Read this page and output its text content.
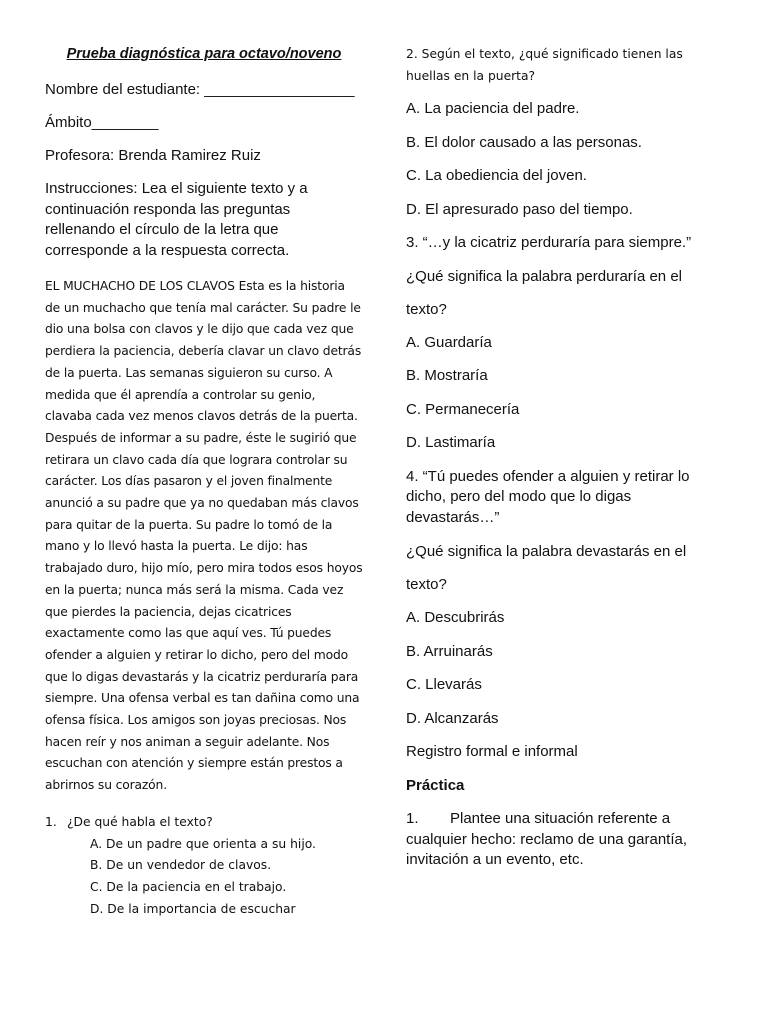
Prueba diagnóstica para octavo/noveno
Nombre del estudiante: __________________
Ámbito________
Profesora: Brenda Ramirez Ruiz
Instrucciones: Lea el siguiente texto y a continuación responda las preguntas rellenando el círculo de la letra que corresponde a la respuesta correcta.
EL MUCHACHO DE LOS CLAVOS Esta es la historia de un muchacho que tenía mal carácter. Su padre le dio una bolsa con clavos y le dijo que cada vez que perdiera la paciencia, debería clavar un clavo detrás de la puerta. Las semanas siguieron su curso. A medida que él aprendía a controlar su genio, clavaba cada vez menos clavos detrás de la puerta. Después de informar a su padre, éste le sugirió que retirara un clavo cada día que lograra controlar su carácter. Los días pasaron y el joven finalmente anunció a su padre que ya no quedaban más clavos para quitar de la puerta. Su padre lo tomó de la mano y lo llevó hasta la puerta. Le dijo: has trabajado duro, hijo mío, pero mira todos esos hoyos en la puerta; nunca más será la misma. Cada vez que pierdes la paciencia, dejas cicatrices exactamente como las que aquí ves. Tú puedes ofender a alguien y retirar lo dicho, pero del modo que lo digas devastarás y la cicatriz perduraría para siempre. Una ofensa verbal es tan dañina como una ofensa física. Los amigos son joyas preciosas. Nos hacen reír y nos animan a seguir adelante. Nos escuchan con atención y siempre están prestos a abrirnos su corazón.
1. ¿De qué habla el texto?
A. De un padre que orienta a su hijo.
B. De un vendedor de clavos.
C. De la paciencia en el trabajo.
D. De la importancia de escuchar
2. Según el texto, ¿qué significado tienen las huellas en la puerta?
A. La paciencia del padre.
B. El dolor causado a las personas.
C. La obediencia del joven.
D. El apresurado paso del tiempo.
3. “…y la cicatriz perduraría para siempre.”
¿Qué significa la palabra perduraría en el
texto?
A. Guardaría
B. Mostraría
C. Permanecería
D. Lastimaría
4. “Tú puedes ofender a alguien y retirar lo dicho, pero del modo que lo digas devastarás…”
¿Qué significa la palabra devastarás en el
texto?
A. Descubrirás
B. Arruinarás
C. Llevarás
D. Alcanzarás
Registro formal e informal
Práctica
1. Plantee una situación referente a cualquier hecho: reclamo de una garantía, invitación a un evento, etc.
